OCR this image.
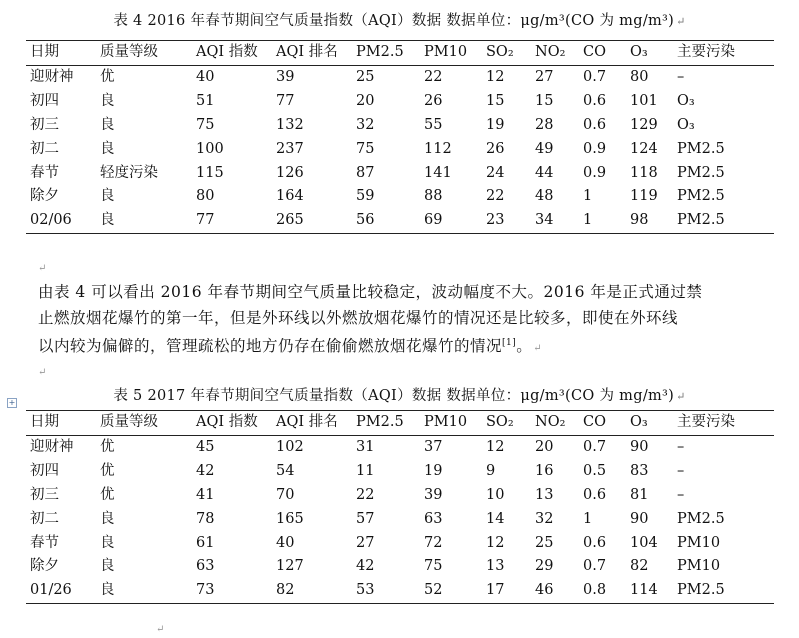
表 4 2016 年春节期间空气质量指数（AQI）数据 数据单位：μg/m³(CO 为 mg/m³) ↵
日期	质量等级	AQI 指数	AQI 排名	PM2.5	PM10	SO₂	NO₂	CO	O₃	主要污染
迎财神	优	40	39	25	22	12	27	0.7	80	–
初四	良	51	77	20	26	15	15	0.6	101	O₃
初三	良	75	132	32	55	19	28	0.6	129	O₃
初二	良	100	237	75	112	26	49	0.9	124	PM2.5
春节	轻度污染	115	126	87	141	24	44	0.9	118	PM2.5
除夕	良	80	164	59	88	22	48	1	119	PM2.5
02/06	良	77	265	56	69	23	34	1	98	PM2.5
↵
由表 4 可以看出 2016 年春节期间空气质量比较稳定，波动幅度不大。2016 年是正式通过禁
止燃放烟花爆竹的第一年，但是外环线以外燃放烟花爆竹的情况还是比较多，即使在外环线
以内较为偏僻的，管理疏松的地方仍存在偷偷燃放烟花爆竹的情况[1]。↵
↵
表 5 2017 年春节期间空气质量指数（AQI）数据 数据单位：μg/m³(CO 为 mg/m³) ↵
+
日期	质量等级	AQI 指数	AQI 排名	PM2.5	PM10	SO₂	NO₂	CO	O₃	主要污染
迎财神	优	45	102	31	37	12	20	0.7	90	–
初四	优	42	54	11	19	9	16	0.5	83	–
初三	优	41	70	22	39	10	13	0.6	81	–
初二	良	78	165	57	63	14	32	1	90	PM2.5
春节	良	61	40	27	72	12	25	0.6	104	PM10
除夕	良	63	127	42	75	13	29	0.7	82	PM10
01/26	良	73	82	53	52	17	46	0.8	114	PM2.5
↵
